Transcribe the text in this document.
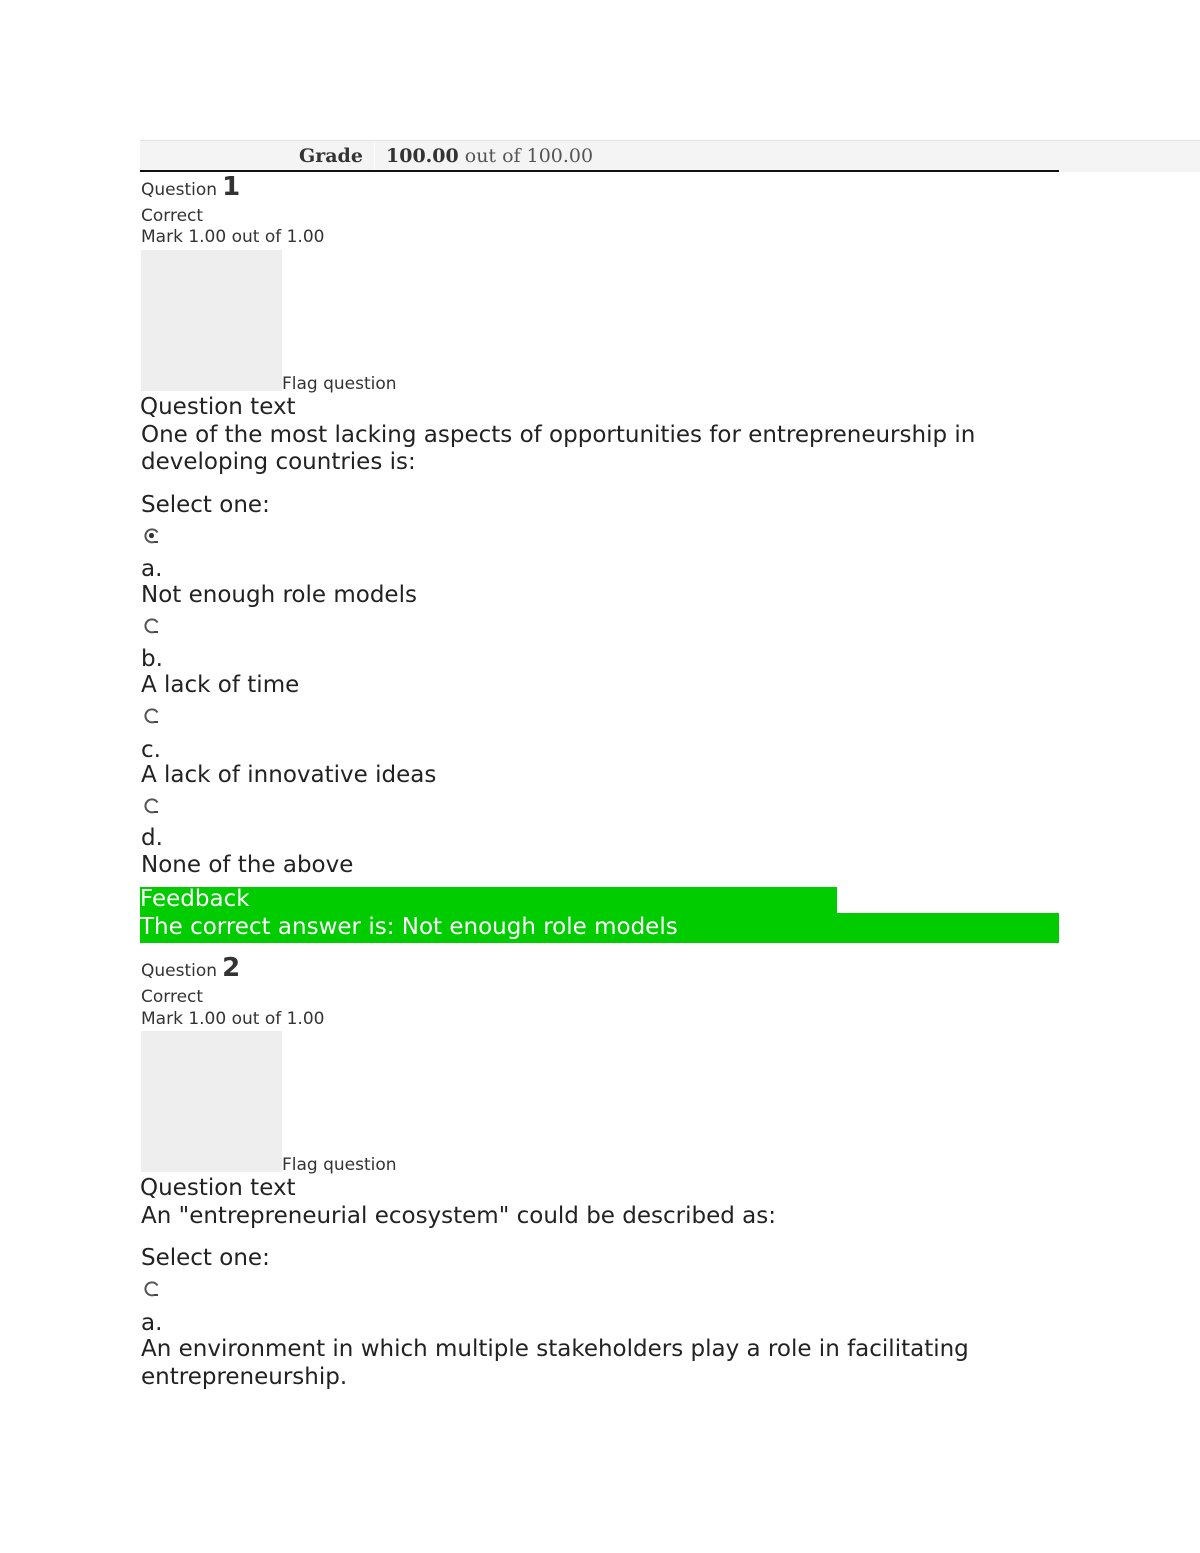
Grade 100.00 out of 100.00
Question 1
Correct
Mark 1.00 out of 1.00
Flag question
Question text
One of the most lacking aspects of opportunities for entrepreneurship in
developing countries is:
Select one:
a.
Not enough role models
b.
A lack of time
c.
A lack of innovative ideas
d.
None of the above
Feedback
The correct answer is: Not enough role models
Question 2
Correct
Mark 1.00 out of 1.00
Flag question
Question text
An "entrepreneurial ecosystem" could be described as:
Select one:
a.
An environment in which multiple stakeholders play a role in facilitating
entrepreneurship.
